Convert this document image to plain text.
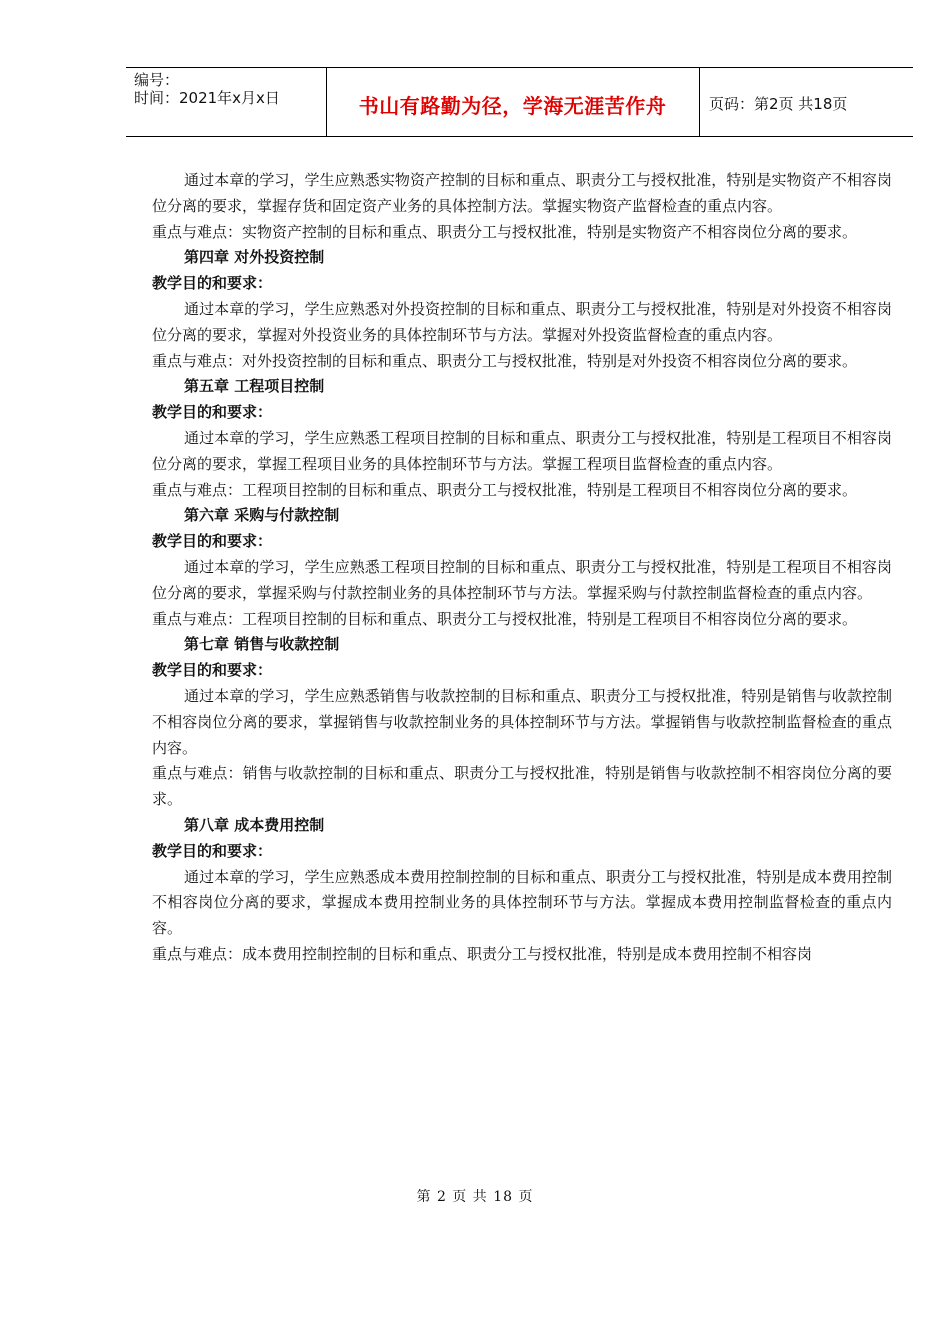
编号：
时间：2021年x月x日	书山有路勤为径，学海无涯苦作舟	页码：第2页 共18页

通过本章的学习，学生应熟悉实物资产控制的目标和重点、职责分工与授权批准，特别是实物资产不相容岗位分离的要求，掌握存货和固定资产业务的具体控制方法。掌握实物资产监督检查的重点内容。

重点与难点：实物资产控制的目标和重点、职责分工与授权批准，特别是实物资产不相容岗位分离的要求。

第四章 对外投资控制

教学目的和要求：

通过本章的学习，学生应熟悉对外投资控制的目标和重点、职责分工与授权批准，特别是对外投资不相容岗位分离的要求，掌握对外投资业务的具体控制环节与方法。掌握对外投资监督检查的重点内容。

重点与难点：对外投资控制的目标和重点、职责分工与授权批准，特别是对外投资不相容岗位分离的要求。

第五章 工程项目控制

教学目的和要求：

通过本章的学习，学生应熟悉工程项目控制的目标和重点、职责分工与授权批准，特别是工程项目不相容岗位分离的要求，掌握工程项目业务的具体控制环节与方法。掌握工程项目监督检查的重点内容。

重点与难点：工程项目控制的目标和重点、职责分工与授权批准，特别是工程项目不相容岗位分离的要求。

第六章 采购与付款控制

教学目的和要求：

通过本章的学习，学生应熟悉工程项目控制的目标和重点、职责分工与授权批准，特别是工程项目不相容岗位分离的要求，掌握采购与付款控制业务的具体控制环节与方法。掌握采购与付款控制监督检查的重点内容。

重点与难点：工程项目控制的目标和重点、职责分工与授权批准，特别是工程项目不相容岗位分离的要求。

第七章 销售与收款控制

教学目的和要求：

通过本章的学习，学生应熟悉销售与收款控制的目标和重点、职责分工与授权批准，特别是销售与收款控制不相容岗位分离的要求，掌握销售与收款控制业务的具体控制环节与方法。掌握销售与收款控制监督检查的重点内容。

重点与难点：销售与收款控制的目标和重点、职责分工与授权批准，特别是销售与收款控制不相容岗位分离的要求。

第八章 成本费用控制

教学目的和要求：

通过本章的学习，学生应熟悉成本费用控制控制的目标和重点、职责分工与授权批准，特别是成本费用控制不相容岗位分离的要求，掌握成本费用控制业务的具体控制环节与方法。掌握成本费用控制监督检查的重点内容。

重点与难点：成本费用控制控制的目标和重点、职责分工与授权批准，特别是成本费用控制不相容岗

第 2 页 共 18 页
